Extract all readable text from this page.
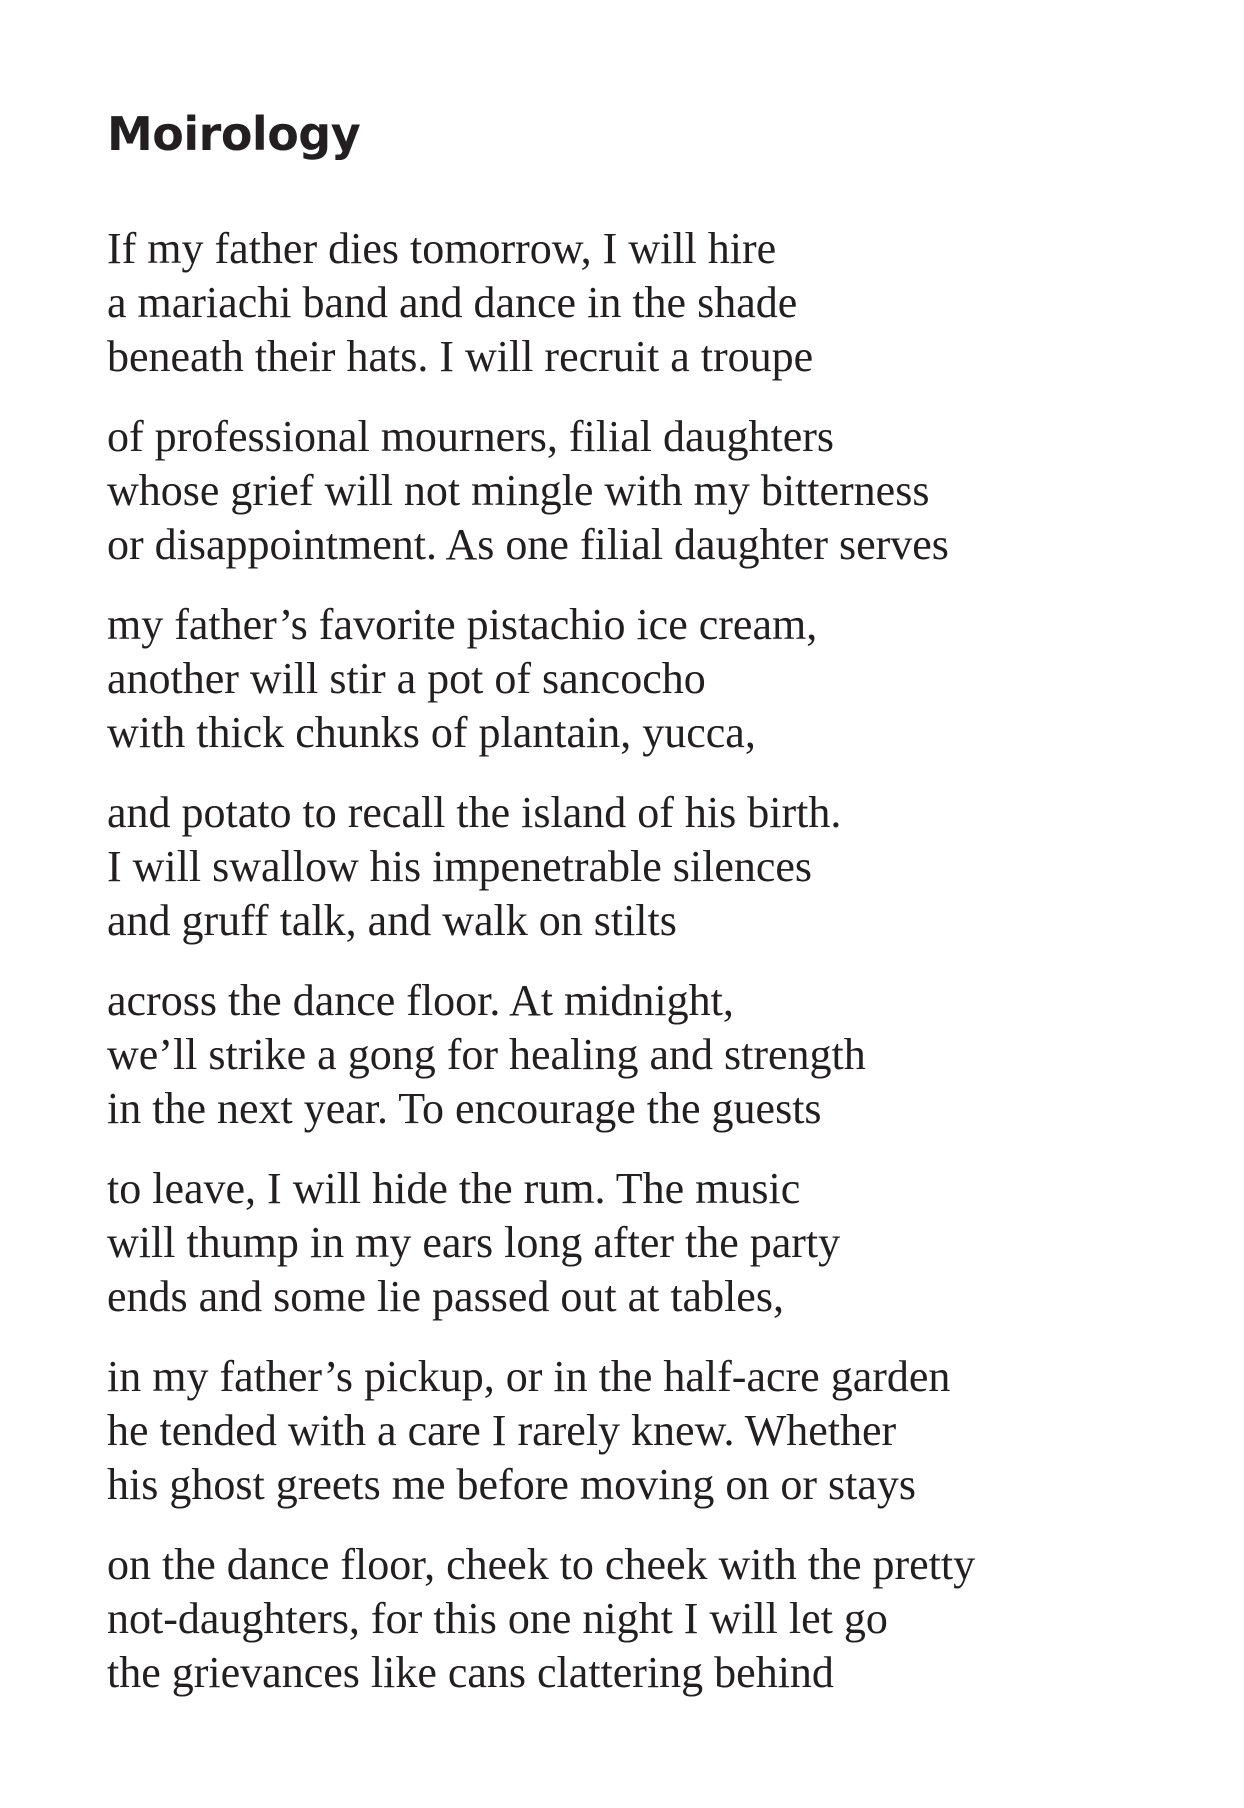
Moirology
If my father dies tomorrow, I will hire
a mariachi band and dance in the shade
beneath their hats. I will recruit a troupe
of professional mourners, filial daughters
whose grief will not mingle with my bitterness
or disappointment. As one filial daughter serves
my father’s favorite pistachio ice cream,
another will stir a pot of sancocho
with thick chunks of plantain, yucca,
and potato to recall the island of his birth.
I will swallow his impenetrable silences
and gruff talk, and walk on stilts
across the dance floor. At midnight,
we’ll strike a gong for healing and strength
in the next year. To encourage the guests
to leave, I will hide the rum. The music
will thump in my ears long after the party
ends and some lie passed out at tables,
in my father’s pickup, or in the half-acre garden
he tended with a care I rarely knew. Whether
his ghost greets me before moving on or stays
on the dance floor, cheek to cheek with the pretty
not-daughters, for this one night I will let go
the grievances like cans clattering behind
